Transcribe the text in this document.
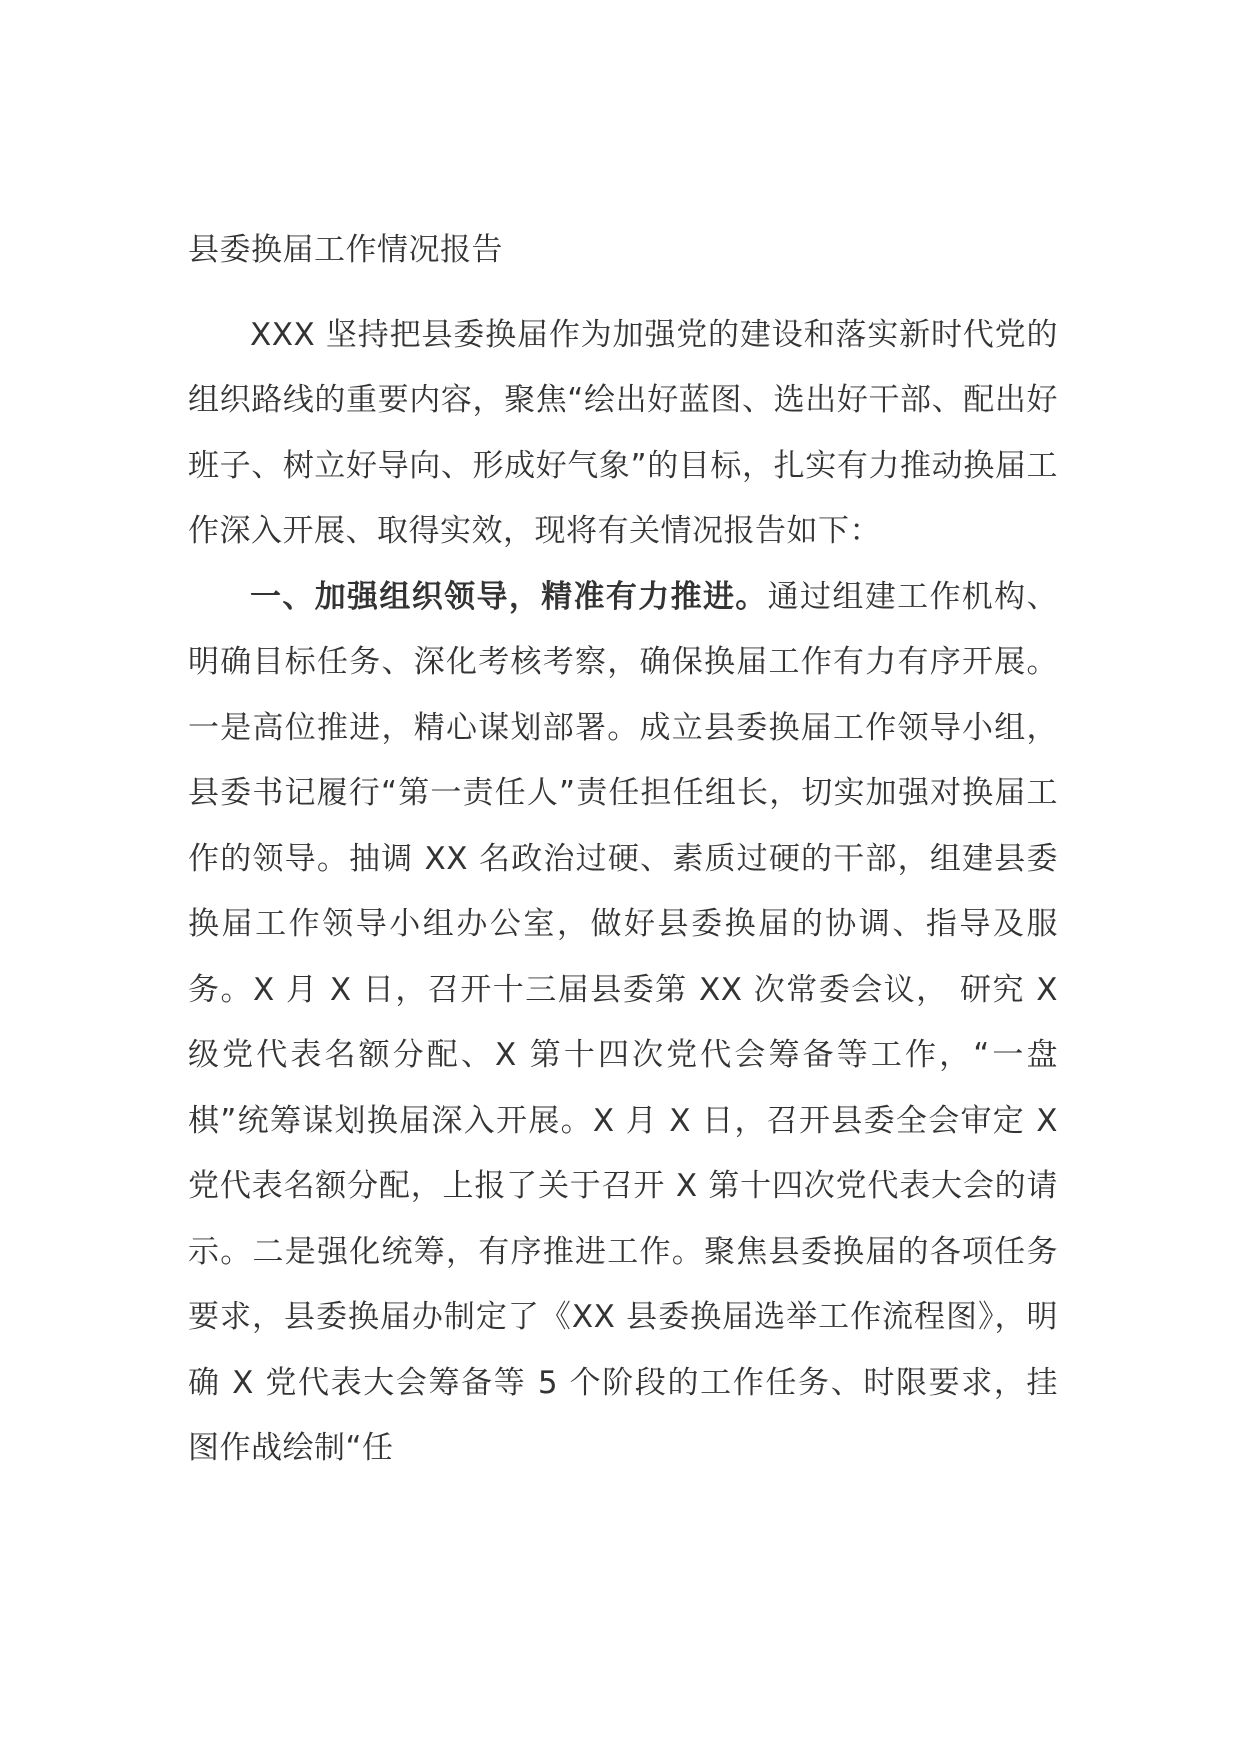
县委换届工作情况报告

XXX 坚持把县委换届作为加强党的建设和落实新时代党的组织路线的重要内容，聚焦“绘出好蓝图、选出好干部、配出好班子、树立好导向、形成好气象”的目标，扎实有力推动换届工作深入开展、取得实效，现将有关情况报告如下：

一、加强组织领导，精准有力推进。通过组建工作机构、 明确目标任务、深化考核考察，确保换届工作有力有序开展。 一是高位推进，精心谋划部署。成立县委换届工作领导小组， 县委书记履行“第一责任人”责任担任组长，切实加强对换届工作的领导。抽调 XX 名政治过硬、素质过硬的干部，组建县委换届工作领导小组办公室，做好县委换届的协调、指导及服务。X 月 X 日，召开十三届县委第 XX 次常委会议， 研究 X 级党代表名额分配、X 第十四次党代会筹备等工作，“一盘棋”统筹谋划换届深入开展。X 月 X 日，召开县委全会审定 X 党代表名额分配，上报了关于召开 X 第十四次党代表大会的请示。二是强化统筹，有序推进工作。聚焦县委换届的各项任务要求，县委换届办制定了《XX 县委换届选举工作流程图》，明确 X 党代表大会筹备等 5 个阶段的工作任务、时限要求，挂图作战绘制“任
